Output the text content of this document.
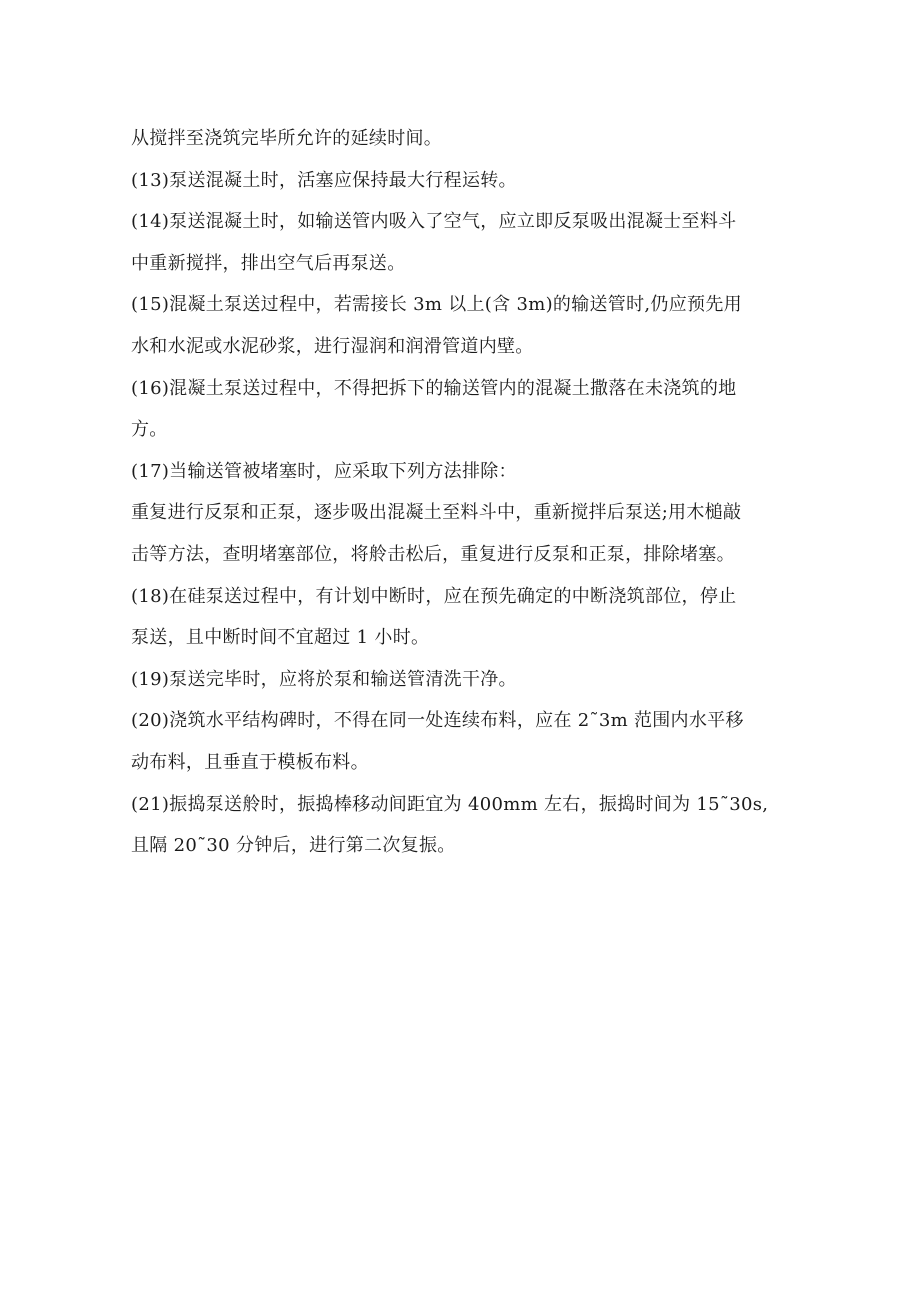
从搅拌至浇筑完毕所允许的延续时间。
(13)泵送混凝土时，活塞应保持最大行程运转。
(14)泵送混凝土时，如输送管内吸入了空气，应立即反泵吸出混凝士至料斗
中重新搅拌，排出空气后再泵送。
(15)混凝土泵送过程中，若需接长 3m 以上(含 3m)的输送管时,仍应预先用
水和水泥或水泥砂浆，进行湿润和润滑管道内壁。
(16)混凝土泵送过程中，不得把拆下的输送管内的混凝土撒落在未浇筑的地
方。
(17)当输送管被堵塞时，应采取下列方法排除：
重复进行反泵和正泵，逐步吸出混凝土至料斗中，重新搅拌后泵送;用木槌敲
击等方法，查明堵塞部位，将舲击松后，重复进行反泵和正泵，排除堵塞。
(18)在硅泵送过程中，有计划中断时，应在预先确定的中断浇筑部位，停止
泵送，且中断时间不宜超过 1 小时。
(19)泵送完毕时，应将於泵和输送管清洗干净。
(20)浇筑水平结构碑时，不得在同一处连续布料，应在 2˜3m 范围内水平移
动布料，且垂直于模板布料。
(21)振捣泵送舲时，振捣棒移动间距宜为 400mm 左右，振捣时间为 15˜30s,
且隔 20˜30 分钟后，进行第二次复振。
